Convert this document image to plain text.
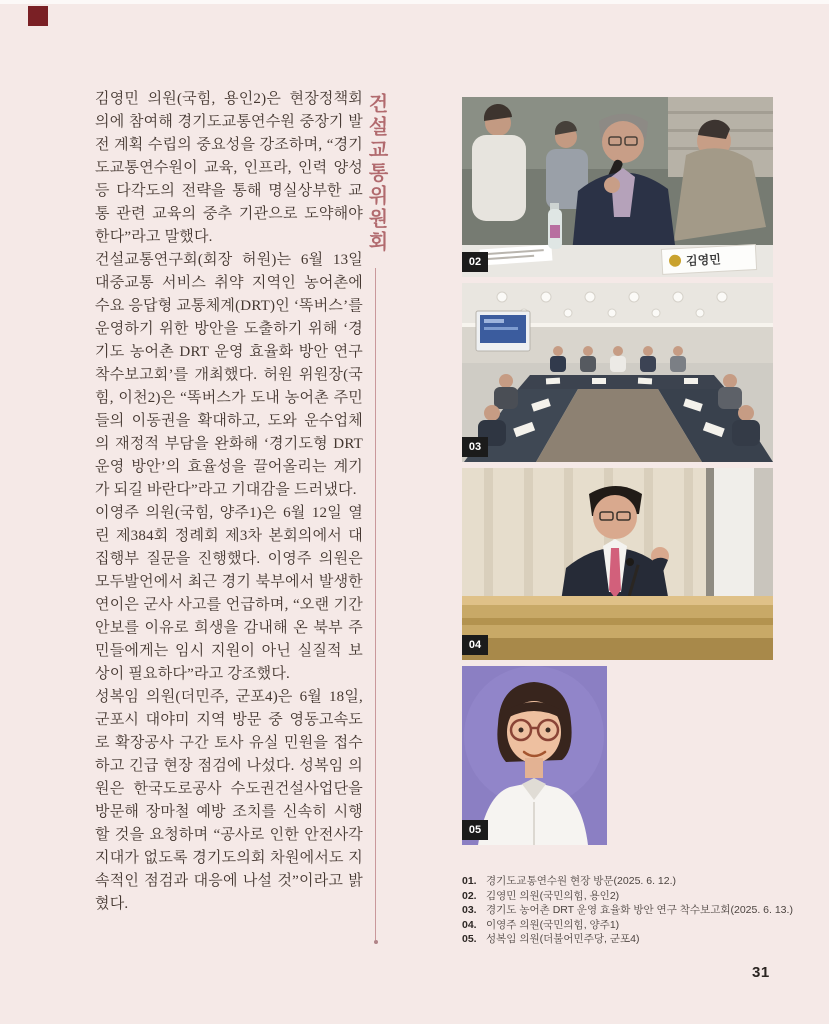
김영민 의원(국힘, 용인2)은 현장정책회의에 참여해 경기도교통연수원 중장기 발전 계획 수립의 중요성을 강조하며, “경기도교통연수원이 교육, 인프라, 인력 양성 등 다각도의 전략을 통해 명실상부한 교통 관련 교육의 중추 기관으로 도약해야 한다”라고 말했다.

건설교통연구회(회장 허원)는 6월 13일 대중교통 서비스 취약 지역인 농어촌에 수요 응답형 교통체계(DRT)인 ‘똑버스’를 운영하기 위한 방안을 도출하기 위해 ‘경기도 농어촌 DRT 운영 효율화 방안 연구 착수보고회’를 개최했다. 허원 위원장(국힘, 이천2)은 “똑버스가 도내 농어촌 주민들의 이동권을 확대하고, 도와 운수업체의 재정적 부담을 완화해 ‘경기도형 DRT 운영 방안’의 효율성을 끌어올리는 계기가 되길 바란다”라고 기대감을 드러냈다.

이영주 의원(국힘, 양주1)은 6월 12일 열린 제384회 정례회 제3차 본회의에서 대집행부 질문을 진행했다. 이영주 의원은 모두발언에서 최근 경기 북부에서 발생한 연이은 군사 사고를 언급하며, “오랜 기간 안보를 이유로 희생을 감내해 온 북부 주민들에게는 임시 지원이 아닌 실질적 보상이 필요하다”라고 강조했다.

성복임 의원(더민주, 군포4)은 6월 18일, 군포시 대야미 지역 방문 중 영동고속도로 확장공사 구간 토사 유실 민원을 접수하고 긴급 현장 점검에 나섰다. 성복임 의원은 한국도로공사 수도권건설사업단을 방문해 장마철 예방 조치를 신속히 시행할 것을 요청하며 “공사로 인한 안전사각지대가 없도록 경기도의회 차원에서도 지속적인 점검과 대응에 나설 것”이라고 밝혔다.

건설교통위원회
김영민
02
03
04
05
01. 경기도교통연수원 현장 방문(2025. 6. 12.)
02. 김영민 의원(국민의힘, 용인2)
03. 경기도 농어촌 DRT 운영 효율화 방안 연구 착수보고회(2025. 6. 13.)
04. 이영주 의원(국민의힘, 양주1)
05. 성복임 의원(더불어민주당, 군포4)
31
